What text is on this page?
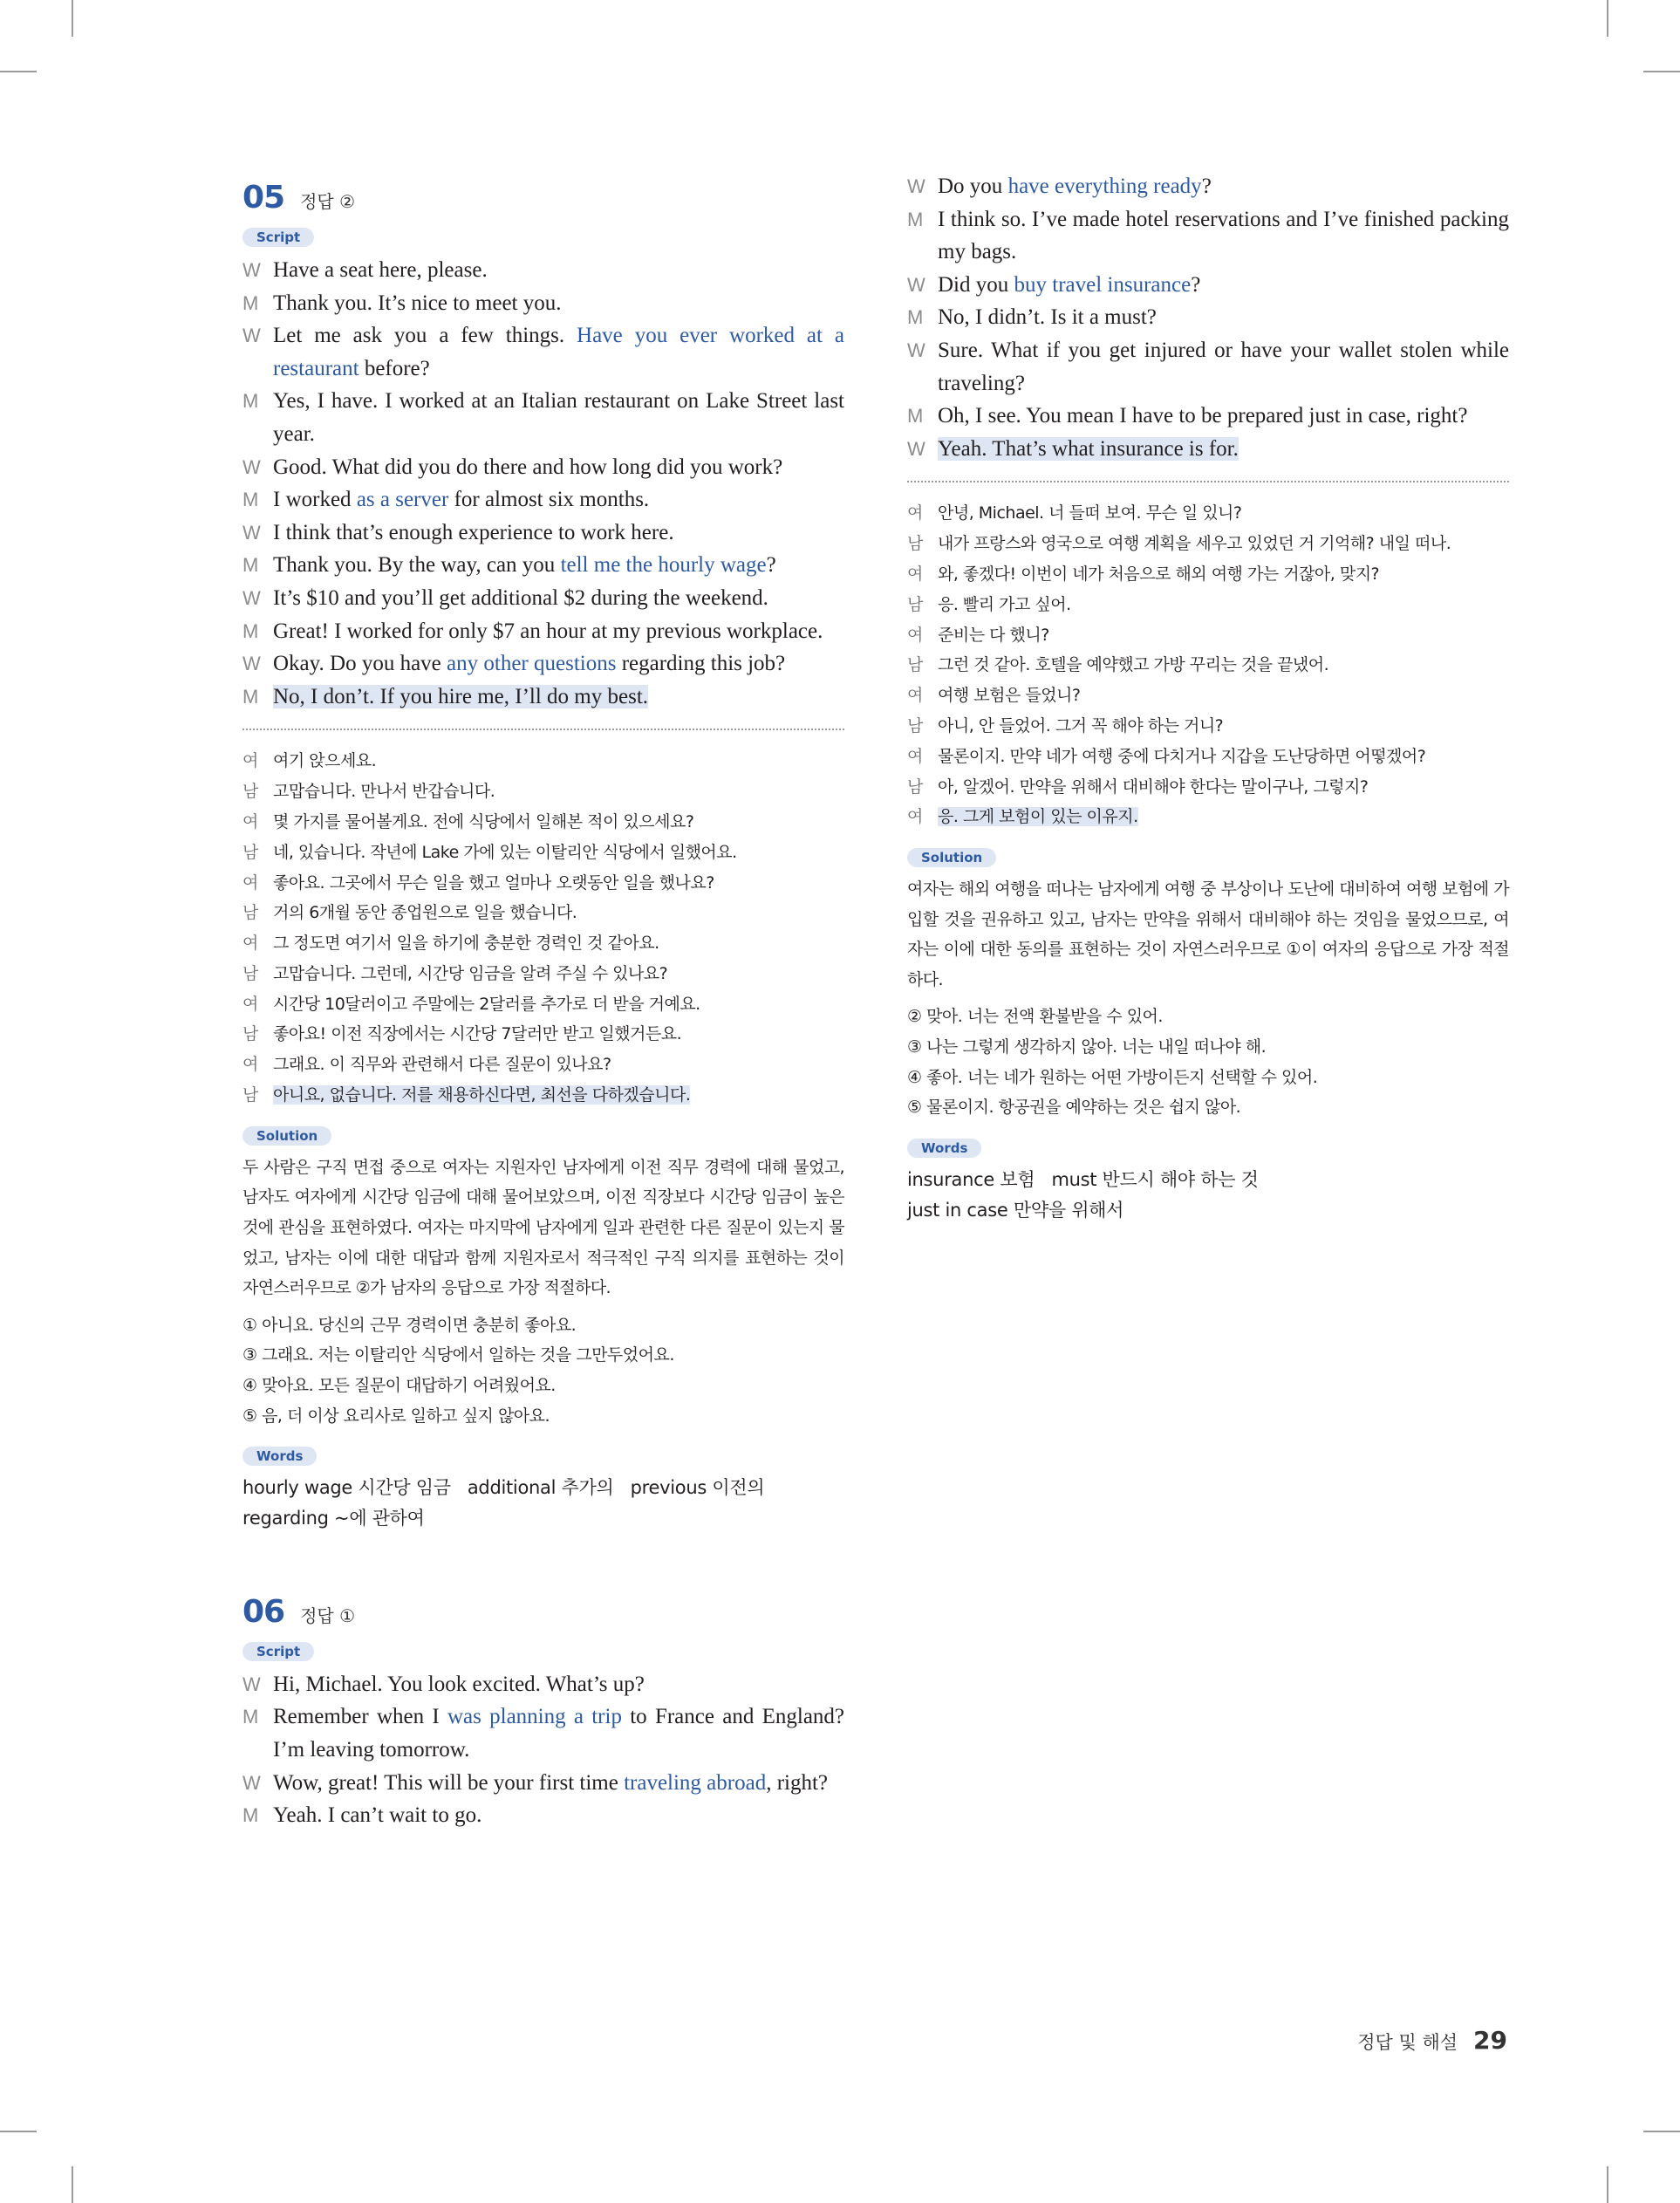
05 정답 ②
Script
W Have a seat here, please.
M Thank you. It’s nice to meet you.
W Let me ask you a few things. Have you ever worked at a restaurant before?
M Yes, I have. I worked at an Italian restaurant on Lake Street last year.
W Good. What did you do there and how long did you work?
M I worked as a server for almost six months.
W I think that’s enough experience to work here.
M Thank you. By the way, can you tell me the hourly wage?
W It’s $10 and you’ll get additional $2 during the weekend.
M Great! I worked for only $7 an hour at my previous workplace.
W Okay. Do you have any other questions regarding this job?
M No, I don’t. If you hire me, I’ll do my best.
여 여기 앉으세요.
남 고맙습니다. 만나서 반갑습니다.
여 몇 가지를 물어볼게요. 전에 식당에서 일해본 적이 있으세요?
남 네, 있습니다. 작년에 Lake 가에 있는 이탈리안 식당에서 일했어요.
여 좋아요. 그곳에서 무슨 일을 했고 얼마나 오랫동안 일을 했나요?
남 거의 6개월 동안 종업원으로 일을 했습니다.
여 그 정도면 여기서 일을 하기에 충분한 경력인 것 같아요.
남 고맙습니다. 그런데, 시간당 임금을 알려 주실 수 있나요?
여 시간당 10달러이고 주말에는 2달러를 추가로 더 받을 거예요.
남 좋아요! 이전 직장에서는 시간당 7달러만 받고 일했거든요.
여 그래요. 이 직무와 관련해서 다른 질문이 있나요?
남 아니요, 없습니다. 저를 채용하신다면, 최선을 다하겠습니다.
Solution

두 사람은 구직 면접 중으로 여자는 지원자인 남자에게 이전 직무 경력에 대해 물었고, 남자도 여자에게 시간당 임금에 대해 물어보았으며, 이전 직장보다 시간당 임금이 높은 것에 관심을 표현하였다. 여자는 마지막에 남자에게 일과 관련한 다른 질문이 있는지 물었고, 남자는 이에 대한 대답과 함께 지원자로서 적극적인 구직 의지를 표현하는 것이 자연스러우므로 ②가 남자의 응답으로 가장 적절하다.

① 아니요. 당신의 근무 경력이면 충분히 좋아요.
③ 그래요. 저는 이탈리안 식당에서 일하는 것을 그만두었어요.
④ 맞아요. 모든 질문이 대답하기 어려웠어요.
⑤ 음, 더 이상 요리사로 일하고 싶지 않아요.
Words
hourly wage 시간당 임금   additional 추가의   previous 이전의
regarding ~에 관하여
06 정답 ①
Script
W Hi, Michael. You look excited. What’s up?
M Remember when I was planning a trip to France and England? I’m leaving tomorrow.
W Wow, great! This will be your first time traveling abroad, right?
M Yeah. I can’t wait to go.
W Do you have everything ready?
M I think so. I’ve made hotel reservations and I’ve finished packing my bags.
W Did you buy travel insurance?
M No, I didn’t. Is it a must?
W Sure. What if you get injured or have your wallet stolen while traveling?
M Oh, I see. You mean I have to be prepared just in case, right?
W Yeah. That’s what insurance is for.
여 안녕, Michael. 너 들떠 보여. 무슨 일 있니?
남 내가 프랑스와 영국으로 여행 계획을 세우고 있었던 거 기억해? 내일 떠나.
여 와, 좋겠다! 이번이 네가 처음으로 해외 여행 가는 거잖아, 맞지?
남 응. 빨리 가고 싶어.
여 준비는 다 했니?
남 그런 것 같아. 호텔을 예약했고 가방 꾸리는 것을 끝냈어.
여 여행 보험은 들었니?
남 아니, 안 들었어. 그거 꼭 해야 하는 거니?
여 물론이지. 만약 네가 여행 중에 다치거나 지갑을 도난당하면 어떻겠어?
남 아, 알겠어. 만약을 위해서 대비해야 한다는 말이구나, 그렇지?
여 응. 그게 보험이 있는 이유지.
Solution

여자는 해외 여행을 떠나는 남자에게 여행 중 부상이나 도난에 대비하여 여행 보험에 가입할 것을 권유하고 있고, 남자는 만약을 위해서 대비해야 하는 것임을 물었으므로, 여자는 이에 대한 동의를 표현하는 것이 자연스러우므로 ①이 여자의 응답으로 가장 적절하다.

② 맞아. 너는 전액 환불받을 수 있어.
③ 나는 그렇게 생각하지 않아. 너는 내일 떠나야 해.
④ 좋아. 너는 네가 원하는 어떤 가방이든지 선택할 수 있어.
⑤ 물론이지. 항공권을 예약하는 것은 쉽지 않아.
Words
insurance 보험   must 반드시 해야 하는 것
just in case 만약을 위해서
정답 및 해설 29
